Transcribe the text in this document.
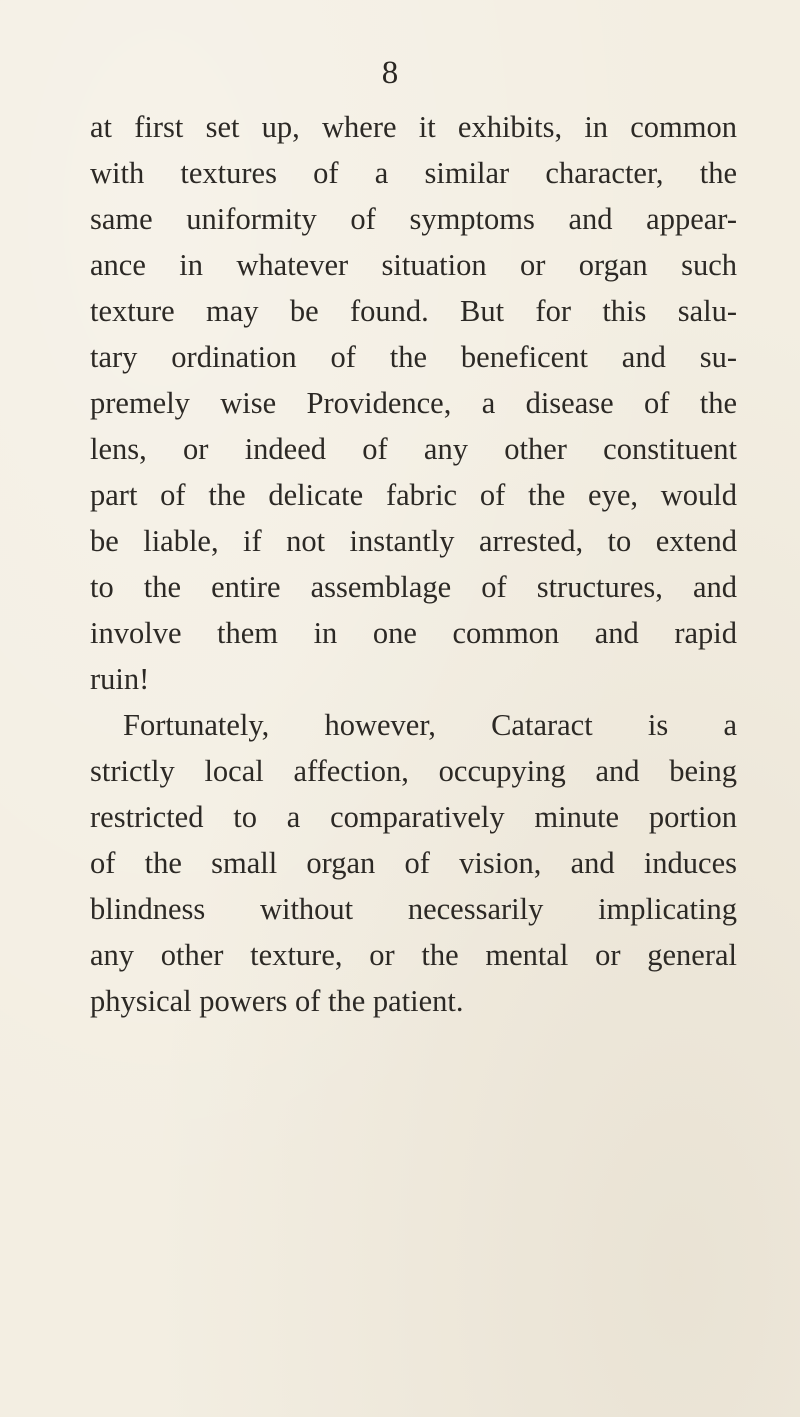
8
at first set up, where it exhibits, in common
with textures of a similar character, the
same uniformity of symptoms and appear-
ance in whatever situation or organ such
texture may be found. But for this salu-
tary ordination of the beneficent and su-
premely wise Providence, a disease of the
lens, or indeed of any other constituent
part of the delicate fabric of the eye, would
be liable, if not instantly arrested, to extend
to the entire assemblage of structures, and
involve them in one common and rapid
ruin!
Fortunately, however, Cataract is a
strictly local affection, occupying and being
restricted to a comparatively minute portion
of the small organ of vision, and induces
blindness without necessarily implicating
any other texture, or the mental or general
physical powers of the patient.
